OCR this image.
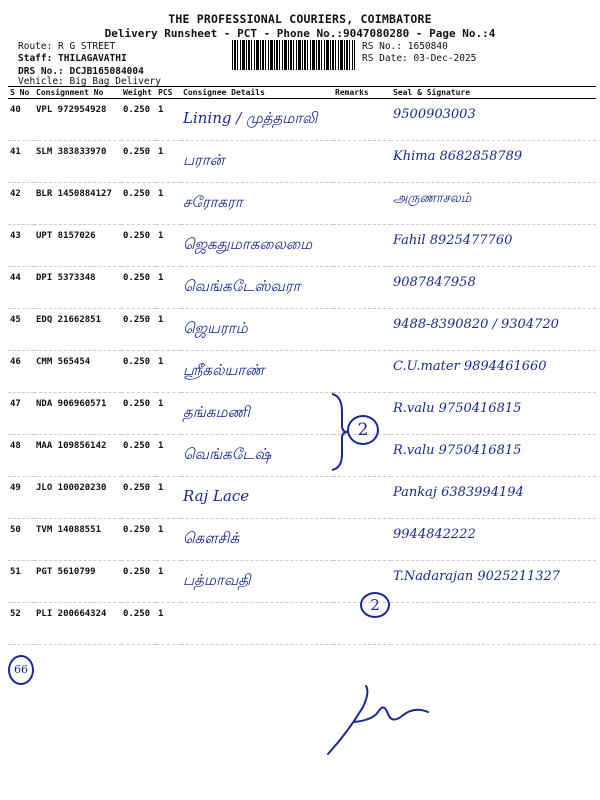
THE PROFESSIONAL COURIERS, COIMBATORE
Delivery Runsheet - PCT - Phone No.:9047080280 - Page No.:4
Route: R G STREET
Staff: THILAGAVATHI
DRS No.: DCJB165084004
Vehicle: Big Bag Delivery
RS No.: 1650840
RS Date: 03-Dec-2025
S No	Consignment No	Weight	PCS	Consignee Details	Remarks	Seal & Signature

40	VPL 972954928	0.250	1	Lining / முத்தமாலி		9500903003

41	SLM 383833970	0.250	1	பரான்		Khima 8682858789

42	BLR 1450884127	0.250	1	சரோகரா		அருணாசலம்

43	UPT 8157026	0.250	1	ஜெகதுமாகலைமை		Fahil 8925477760

44	DPI 5373348	0.250	1	வெங்கடேஸ்வரா		9087847958

45	EDQ 21662851	0.250	1	ஜெயராம்		9488-8390820 / 9304720

46	CMM 565454	0.250	1	ஸ்ரீகல்யாண்		C.U.mater 9894461660

47	NDA 906960571	0.250	1	தங்கமணி		R.valu 9750416815

48	MAA 109856142	0.250	1	வெங்கடேஷ்		R.valu 9750416815

49	JLO 100020230	0.250	1	Raj Lace		Pankaj 6383994194

50	TVM 14088551	0.250	1	கௌசிக்		9944842222

51	PGT 5610799	0.250	1	பத்மாவதி		T.Nadarajan 9025211327

52	PLI 200664324	0.250	1			

2
2
66
